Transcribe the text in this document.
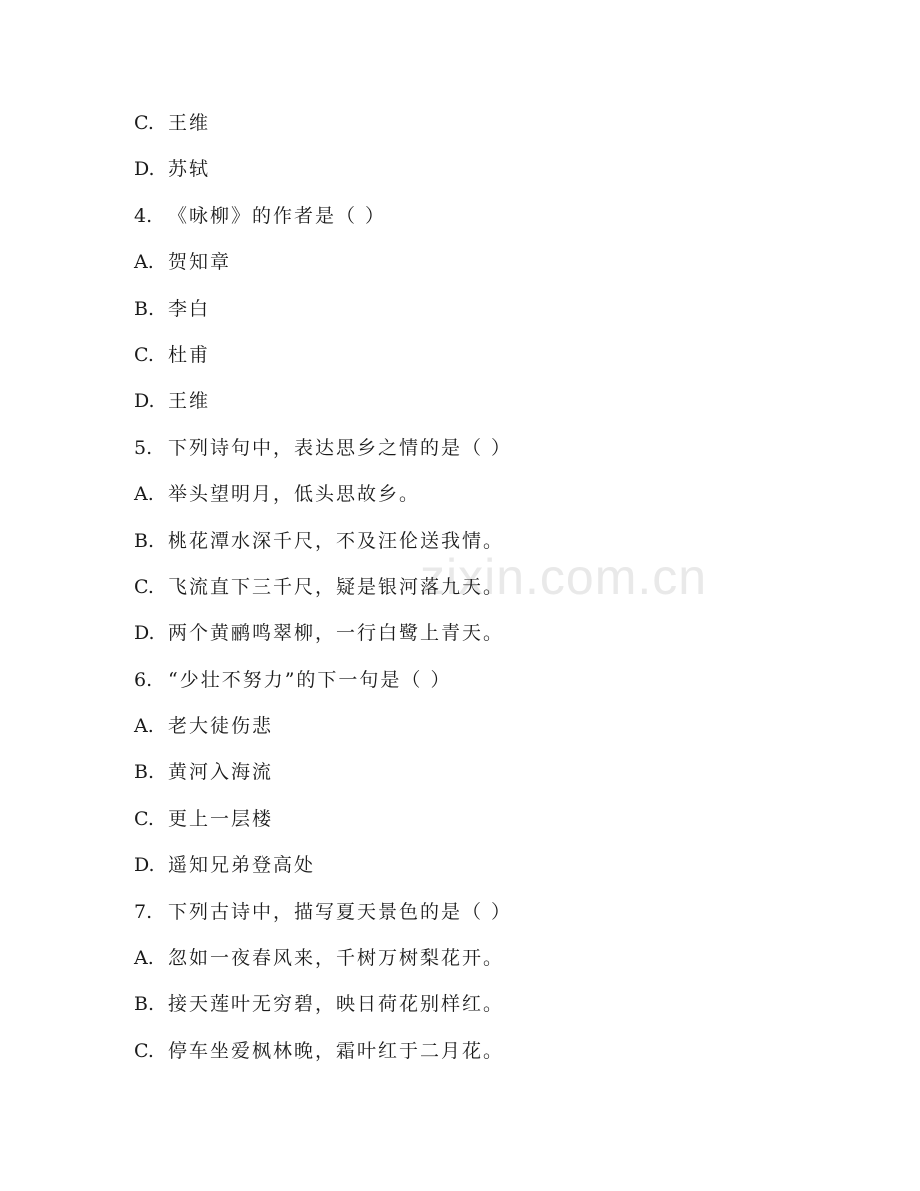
zixin.com.cn
C. 王维
D. 苏轼
4. 《咏柳》的作者是（ ）
A. 贺知章
B. 李白
C. 杜甫
D. 王维
5. 下列诗句中，表达思乡之情的是（ ）
A. 举头望明月，低头思故乡。
B. 桃花潭水深千尺，不及汪伦送我情。
C. 飞流直下三千尺，疑是银河落九天。
D. 两个黄鹂鸣翠柳，一行白鹭上青天。
6. “少壮不努力”的下一句是（ ）
A. 老大徒伤悲
B. 黄河入海流
C. 更上一层楼
D. 遥知兄弟登高处
7. 下列古诗中，描写夏天景色的是（ ）
A. 忽如一夜春风来，千树万树梨花开。
B. 接天莲叶无穷碧，映日荷花别样红。
C. 停车坐爱枫林晚，霜叶红于二月花。
